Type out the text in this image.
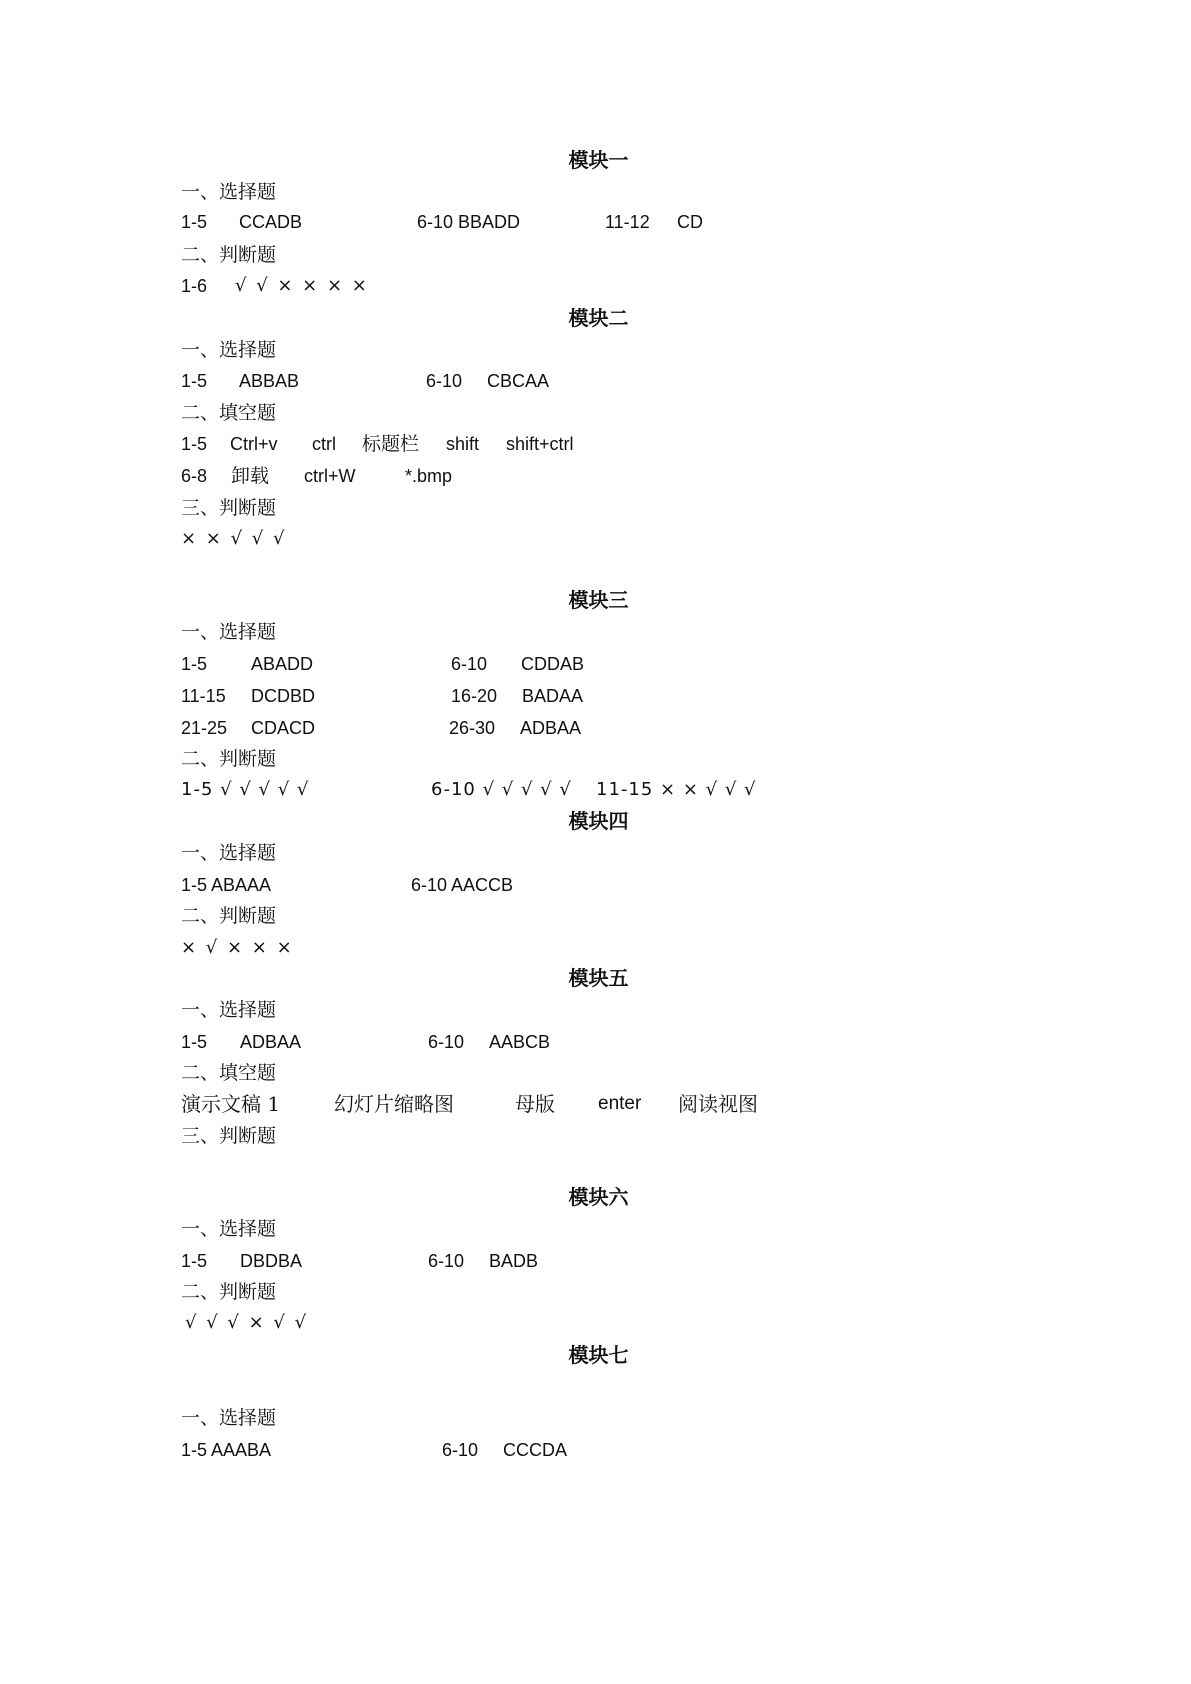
模块一
一、选择题
1-5 CCADB	6-10 BBADD	11-12 CD
二、判断题
1-6 √ √ × × × ×
模块二
一、选择题
1-5 ABBAB	6-10 CBCAA
二、填空题
1-5 Ctrl+v ctrl 标题栏 shift shift+ctrl
6-8 卸载 ctrl+W	*.bmp
三、判断题
× × √ √ √
模块三
一、选择题
1-5 ABADD	6-10 CDDAB
11-15 DCDBD	16-20 BADAA
21-25 CDACD	26-30 ADBAA
二、判断题
1-5 √ √ √ √ √	6-10 √ √ √ √ √ 11-15 × × √ √ √
模块四
一、选择题
1-5 ABAAA	6-10 AACCB
二、判断题
× √ × × ×
模块五
一、选择题
1-5 ADBAA	6-10 AABCB
二、填空题
演示文稿 1	幻灯片缩略图	母版 enter 阅读视图
三、判断题
模块六
一、选择题
1-5 DBDBA	6-10 BADB
二、判断题
√ √ √ × √ √
模块七
一、选择题
1-5 AAABA	6-10 CCCDA
